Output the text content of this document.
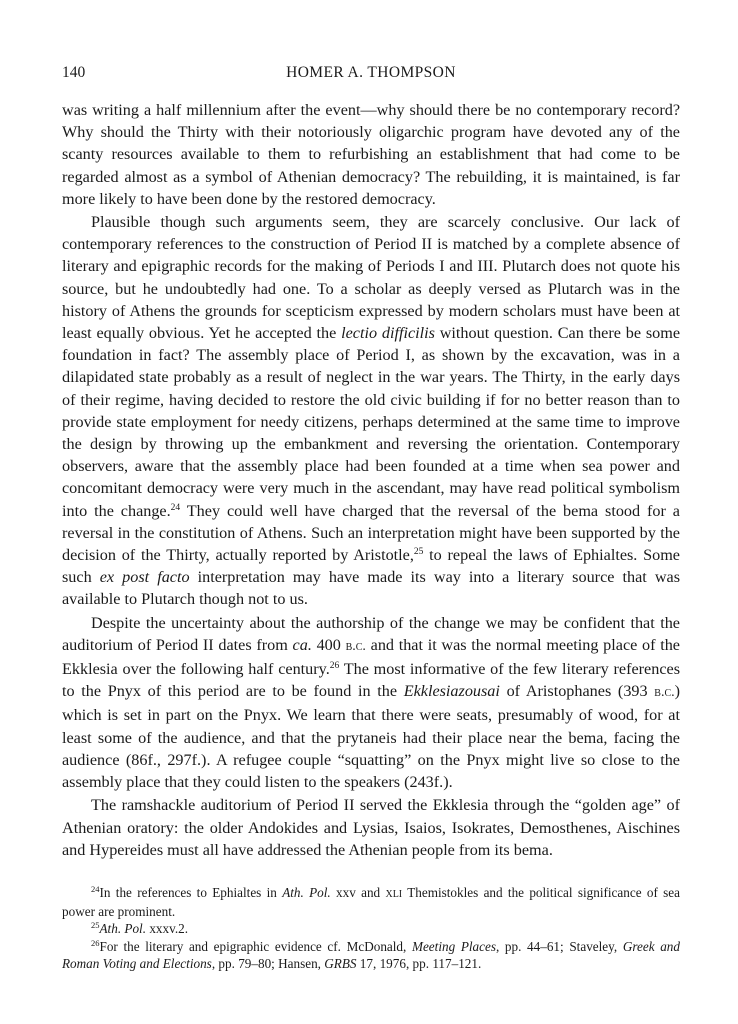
140	HOMER A. THOMPSON

was writing a half millennium after the event—why should there be no contemporary record? Why should the Thirty with their notoriously oligarchic program have devoted any of the scanty resources available to them to refurbishing an establishment that had come to be regarded almost as a symbol of Athenian democracy? The rebuilding, it is maintained, is far more likely to have been done by the restored democracy.

Plausible though such arguments seem, they are scarcely conclusive. Our lack of contemporary references to the construction of Period II is matched by a complete absence of literary and epigraphic records for the making of Periods I and III. Plutarch does not quote his source, but he undoubtedly had one. To a scholar as deeply versed as Plutarch was in the history of Athens the grounds for scepticism expressed by modern scholars must have been at least equally obvious. Yet he accepted the lectio difficilis without question. Can there be some foundation in fact? The assembly place of Period I, as shown by the excavation, was in a dilapidated state probably as a result of neglect in the war years. The Thirty, in the early days of their regime, having decided to restore the old civic building if for no better reason than to provide state employment for needy citizens, perhaps determined at the same time to improve the design by throwing up the embankment and reversing the orientation. Contemporary observers, aware that the assembly place had been founded at a time when sea power and concomitant democracy were very much in the ascendant, may have read political symbolism into the change.$^{24}$ They could well have charged that the reversal of the bema stood for a reversal in the constitution of Athens. Such an interpretation might have been supported by the decision of the Thirty, actually reported by Aristotle,$^{25}$ to repeal the laws of Ephialtes. Some such ex post facto interpretation may have made its way into a literary source that was available to Plutarch though not to us.

Despite the uncertainty about the authorship of the change we may be confident that the auditorium of Period II dates from ca. 400 b.c. and that it was the normal meeting place of the Ekklesia over the following half century.$^{26}$ The most informative of the few literary references to the Pnyx of this period are to be found in the Ekklesiazousai of Aristophanes (393 b.c.) which is set in part on the Pnyx. We learn that there were seats, presumably of wood, for at least some of the audience, and that the prytaneis had their place near the bema, facing the audience (86f., 297f.). A refugee couple “squatting” on the Pnyx might live so close to the assembly place that they could listen to the speakers (243f.).

The ramshackle auditorium of Period II served the Ekklesia through the “golden age” of Athenian oratory: the older Andokides and Lysias, Isaios, Isokrates, Demosthenes, Aischines and Hypereides must all have addressed the Athenian people from its bema.

$^{24}$In the references to Ephialtes in Ath. Pol. xxv and xli Themistokles and the political significance of sea power are prominent.

$^{25}$Ath. Pol. xxxv.2.

$^{26}$For the literary and epigraphic evidence cf. McDonald, Meeting Places, pp. 44–61; Staveley, Greek and Roman Voting and Elections, pp. 79–80; Hansen, GRBS 17, 1976, pp. 117–121.
